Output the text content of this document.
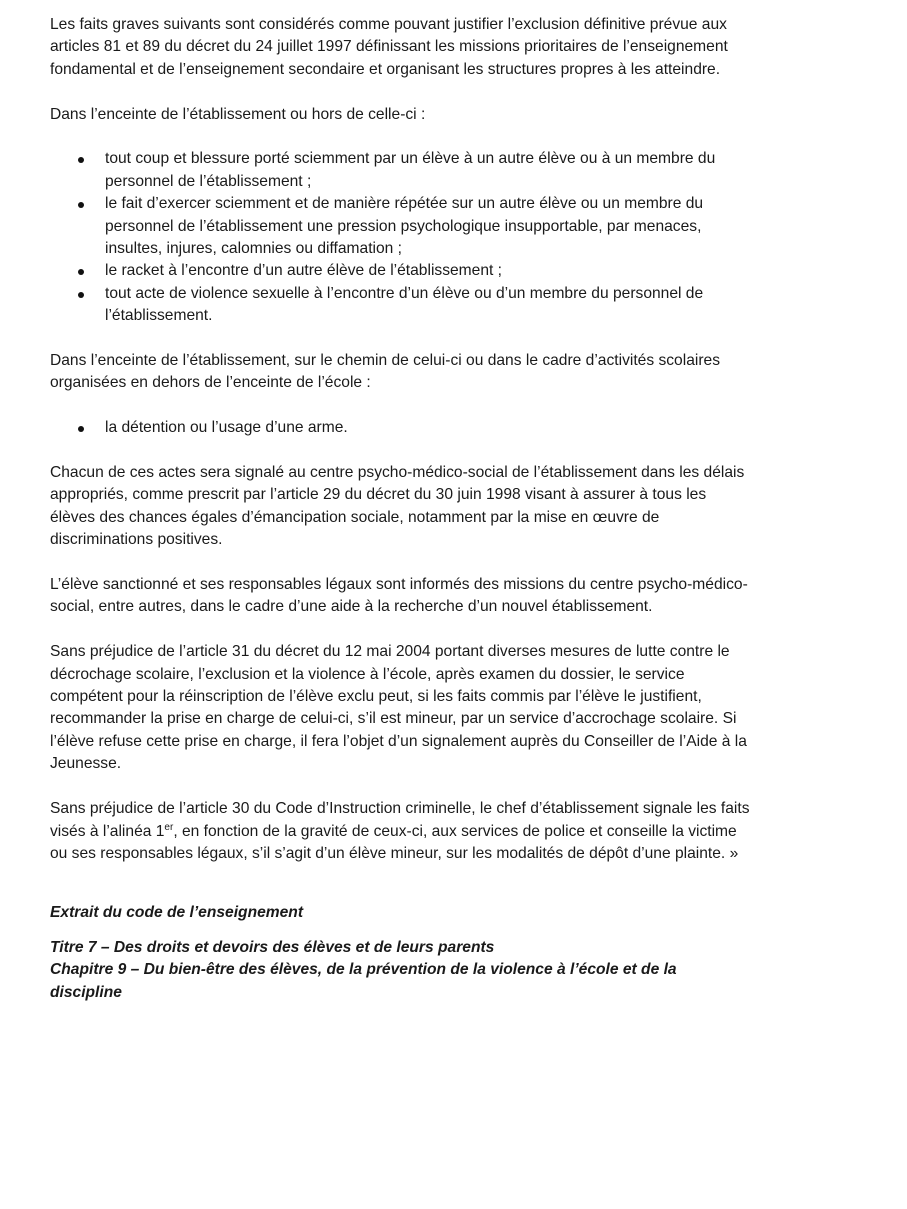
Les faits graves suivants sont considérés comme pouvant justifier l’exclusion définitive prévue aux articles 81 et 89 du décret du 24 juillet 1997 définissant les missions prioritaires de l’enseignement fondamental et de l’enseignement secondaire et organisant les structures propres à les atteindre.

Dans l’enceinte de l’établissement ou hors de celle-ci :

tout coup et blessure porté sciemment par un élève à un autre élève ou à un membre du personnel de l’établissement ;
le fait d’exercer sciemment et de manière répétée sur un autre élève ou un membre du personnel de l’établissement une pression psychologique insupportable, par menaces, insultes, injures, calomnies ou diffamation ;
le racket à l’encontre d’un autre élève de l’établissement ;
tout acte de violence sexuelle à l’encontre d’un élève ou d’un membre du personnel de l’établissement.

Dans l’enceinte de l’établissement, sur le chemin de celui-ci ou dans le cadre d’activités scolaires organisées en dehors de l’enceinte de l’école :

la détention ou l’usage d’une arme.

Chacun de ces actes sera signalé au centre psycho-médico-social de l’établissement dans les délais appropriés, comme prescrit par l’article 29 du décret du 30 juin 1998 visant à assurer à tous les élèves des chances égales d’émancipation sociale, notamment par la mise en œuvre de discriminations positives.

L’élève sanctionné et ses responsables légaux sont informés des missions du centre psycho-médico-social, entre autres, dans le cadre d’une aide à la recherche d’un nouvel établissement.

Sans préjudice de l’article 31 du décret du 12 mai 2004 portant diverses mesures de lutte contre le décrochage scolaire, l’exclusion et la violence à l’école, après examen du dossier, le service compétent pour la réinscription de l’élève exclu peut, si les faits commis par l’élève le justifient, recommander la prise en charge de celui-ci, s’il est mineur, par un service d’accrochage scolaire. Si l’élève refuse cette prise en charge, il fera l’objet d’un signalement auprès du Conseiller de l’Aide à la Jeunesse.

Sans préjudice de l’article 30 du Code d’Instruction criminelle, le chef d’établissement signale les faits visés à l’alinéa 1er, en fonction de la gravité de ceux-ci, aux services de police et conseille la victime ou ses responsables légaux, s’il s’agit d’un élève mineur, sur les modalités de dépôt d’une plainte. »

Extrait du code de l’enseignement

Titre 7 – Des droits et devoirs des élèves et de leurs parents

Chapitre 9 – Du bien-être des élèves, de la prévention de la violence à l’école et de la discipline
